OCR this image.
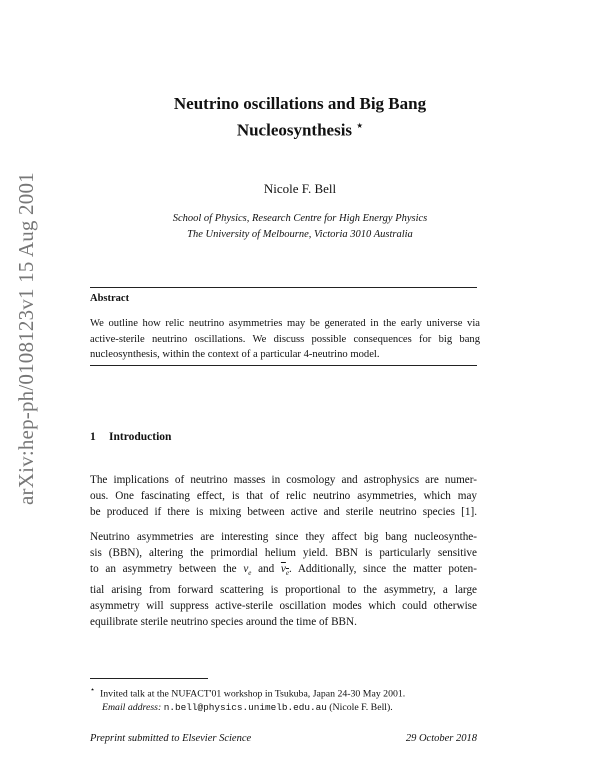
arXiv:hep-ph/0108123v1 15 Aug 2001
Neutrino oscillations and Big Bang
Nucleosynthesis ⋆
Nicole F. Bell
School of Physics, Research Centre for High Energy Physics
The University of Melbourne, Victoria 3010 Australia
Abstract
We outline how relic neutrino asymmetries may be generated in the early universe via active-sterile neutrino oscillations. We discuss possible consequences for big bang nucleosynthesis, within the context of a particular 4-neutrino model.
1 Introduction
The implications of neutrino masses in cosmology and astrophysics are numer-
ous. One fascinating effect, is that of relic neutrino asymmetries, which may
be produced if there is mixing between active and sterile neutrino species [1].
Neutrino asymmetries are interesting since they affect big bang nucleosynthe-
sis (BBN), altering the primordial helium yield. BBN is particularly sensitive
to an asymmetry between the $\nu_e$ and $\nu_e$. Additionally, since the matter poten-
tial arising from forward scattering is proportional to the asymmetry, a large
asymmetry will suppress active-sterile oscillation modes which could otherwise
equilibrate sterile neutrino species around the time of BBN.
⋆ Invited talk at the NUFACT'01 workshop in Tsukuba, Japan 24-30 May 2001.
Email address: n.bell@physics.unimelb.edu.au (Nicole F. Bell).
Preprint submitted to Elsevier Science	29 October 2018
